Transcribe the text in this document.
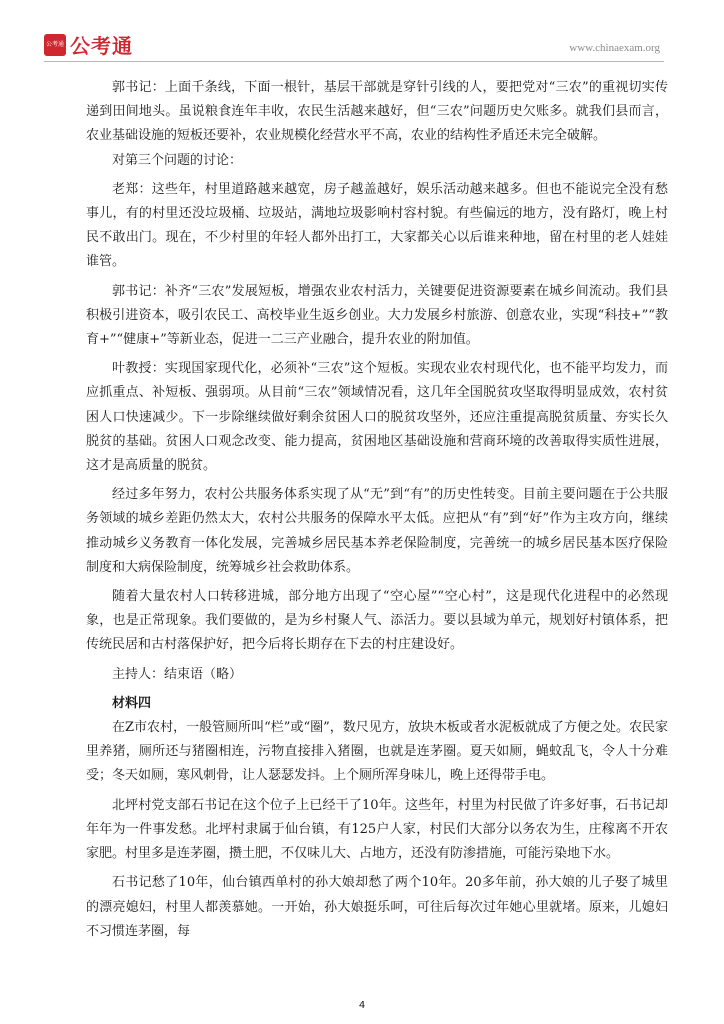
公考通 公考通	www.chinaexam.org

郭书记：上面千条线，下面一根针，基层干部就是穿针引线的人，要把党对“三农”的重视切实传递到田间地头。虽说粮食连年丰收，农民生活越来越好，但“三农”问题历史欠账多。就我们县而言，农业基础设施的短板还要补，农业规模化经营水平不高，农业的结构性矛盾还未完全破解。

对第三个问题的讨论：

老郑：这些年，村里道路越来越宽，房子越盖越好，娱乐活动越来越多。但也不能说完全没有愁事儿，有的村里还没垃圾桶、垃圾站，满地垃圾影响村容村貌。有些偏远的地方，没有路灯，晚上村民不敢出门。现在，不少村里的年轻人都外出打工，大家都关心以后谁来种地，留在村里的老人娃娃谁管。

郭书记：补齐“三农”发展短板，增强农业农村活力，关键要促进资源要素在城乡间流动。我们县积极引进资本，吸引农民工、高校毕业生返乡创业。大力发展乡村旅游、创意农业，实现“科技+”“教育+”“健康+”等新业态，促进一二三产业融合，提升农业的附加值。

叶教授：实现国家现代化，必须补“三农”这个短板。实现农业农村现代化，也不能平均发力，而应抓重点、补短板、强弱项。从目前“三农”领域情况看，这几年全国脱贫攻坚取得明显成效，农村贫困人口快速减少。下一步除继续做好剩余贫困人口的脱贫攻坚外，还应注重提高脱贫质量、夯实长久脱贫的基础。贫困人口观念改变、能力提高，贫困地区基础设施和营商环境的改善取得实质性进展，这才是高质量的脱贫。

经过多年努力，农村公共服务体系实现了从“无”到“有”的历史性转变。目前主要问题在于公共服务领域的城乡差距仍然太大，农村公共服务的保障水平太低。应把从“有”到“好”作为主攻方向，继续推动城乡义务教育一体化发展，完善城乡居民基本养老保险制度，完善统一的城乡居民基本医疗保险制度和大病保险制度，统筹城乡社会救助体系。

随着大量农村人口转移进城，部分地方出现了“空心屋”“空心村”，这是现代化进程中的必然现象，也是正常现象。我们要做的，是为乡村聚人气、添活力。要以县域为单元，规划好村镇体系，把传统民居和古村落保护好，把今后将长期存在下去的村庄建设好。

主持人：结束语（略）

材料四

在Z市农村，一般管厕所叫“栏”或“圈”，数尺见方，放块木板或者水泥板就成了方便之处。农民家里养猪，厕所还与猪圈相连，污物直接排入猪圈，也就是连茅圈。夏天如厕，蝇蚊乱飞，令人十分难受；冬天如厕，寒风刺骨，让人瑟瑟发抖。上个厕所浑身味儿，晚上还得带手电。

北坪村党支部石书记在这个位子上已经干了10年。这些年，村里为村民做了许多好事，石书记却年年为一件事发愁。北坪村隶属于仙台镇，有125户人家，村民们大部分以务农为生，庄稼离不开农家肥。村里多是连茅圈，攒土肥，不仅味儿大、占地方，还没有防渗措施，可能污染地下水。

石书记愁了10年，仙台镇西单村的孙大娘却愁了两个10年。20多年前，孙大娘的儿子娶了城里的漂亮媳妇，村里人都羡慕她。一开始，孙大娘挺乐呵，可往后每次过年她心里就堵。原来，儿媳妇不习惯连茅圈，每

4
